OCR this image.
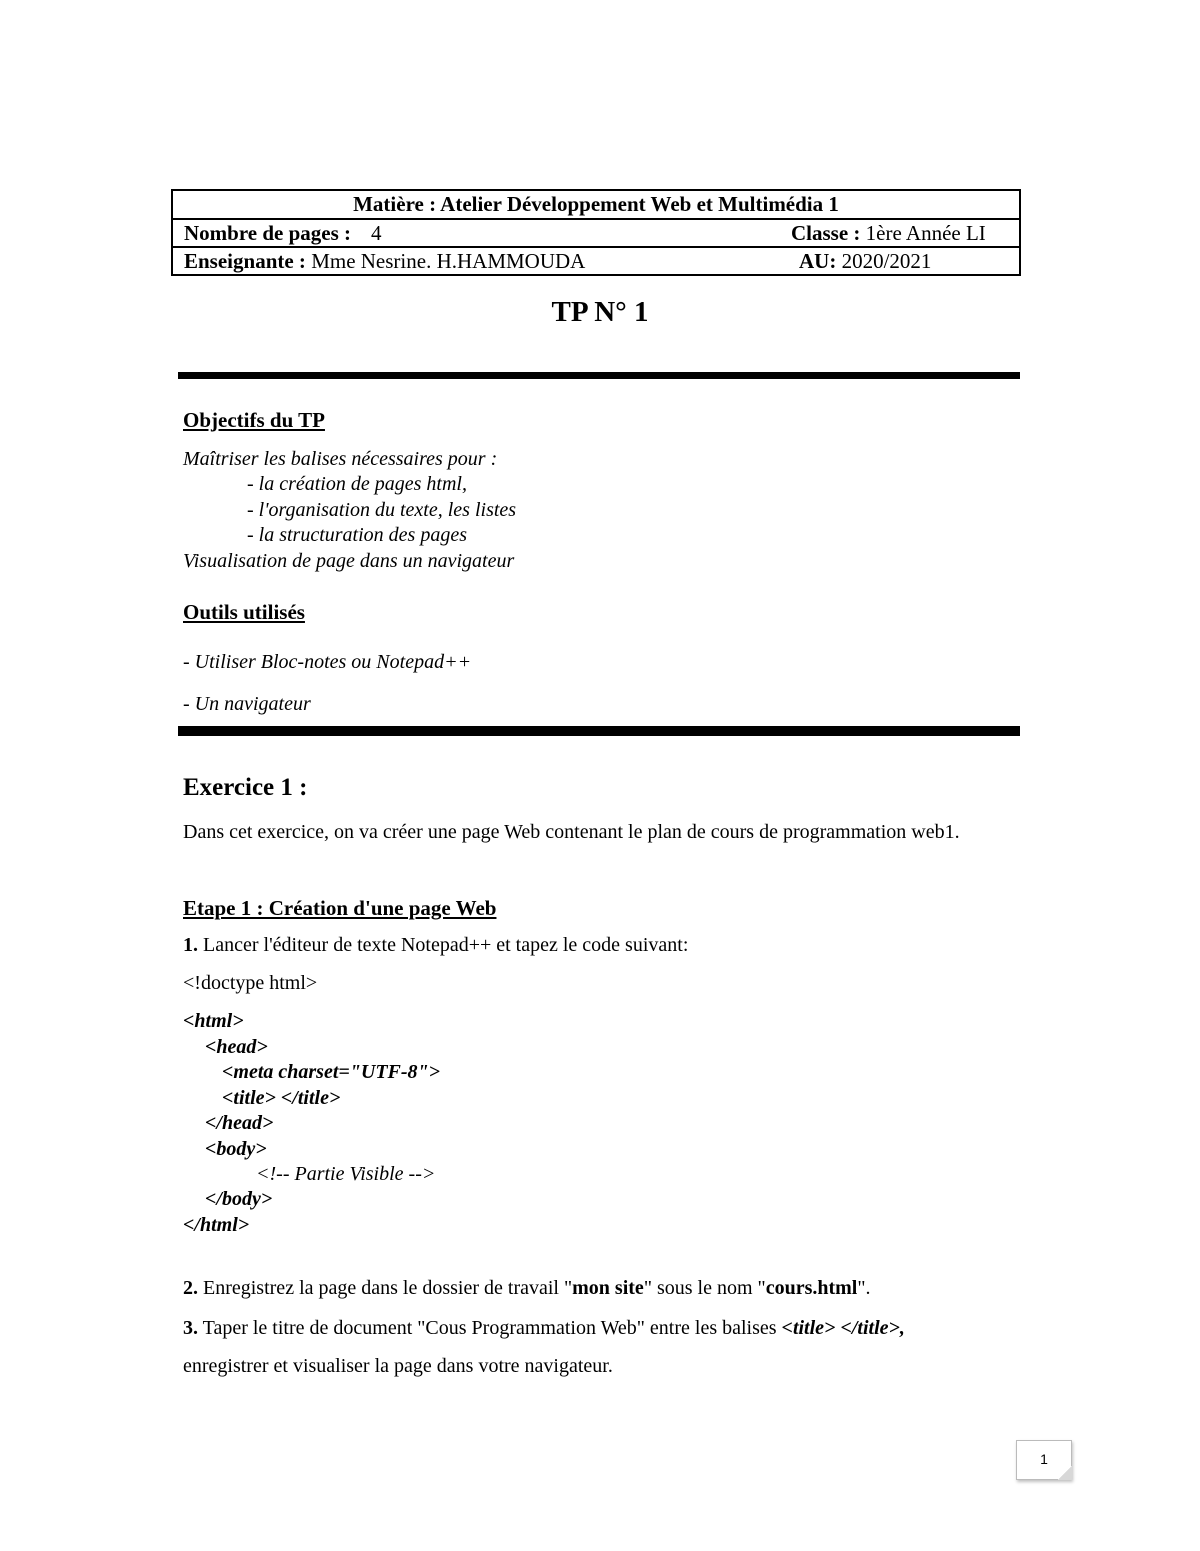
Matière : Atelier Développement Web et Multimédia 1
Nombre de pages : 4	Classe : 1ère Année LI
Enseignante : Mme Nesrine. H.HAMMOUDA	AU: 2020/2021
TP N° 1
Objectifs du TP
Maîtriser les balises nécessaires pour :
- la création de pages html,
- l'organisation du texte, les listes
- la structuration des pages
Visualisation de page dans un navigateur
Outils utilisés
- Utiliser Bloc-notes ou Notepad++
- Un navigateur
Exercice 1 :
Dans cet exercice, on va créer une page Web contenant le plan de cours de programmation web1.
Etape 1 : Création d'une page Web
1. Lancer l'éditeur de texte Notepad++ et tapez le code suivant:
<!doctype html>
<html>
<head>
<meta charset="UTF-8">
<title> </title>
</head>
<body>
<!-- Partie Visible -->
</body>
</html>
2. Enregistrez la page dans le dossier de travail "mon site" sous le nom "cours.html".
3. Taper le titre de document "Cous Programmation Web" entre les balises <title> </title>,
enregistrer et visualiser la page dans votre navigateur.
1
